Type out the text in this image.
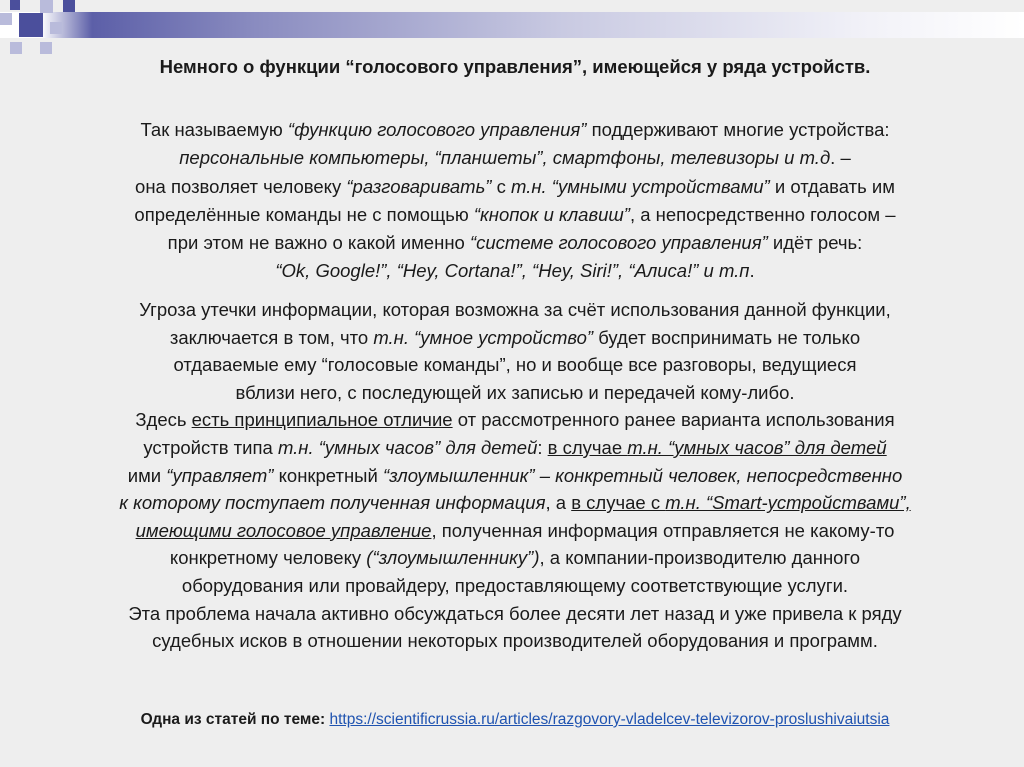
Немного о функции “голосового управления”, имеющейся у ряда устройств.
Так называемую “функцию голосового управления” поддерживают многие устройства:
персональные компьютеры, “планшеты”, смартфоны, телевизоры и т.д. –
она позволяет человеку “разговаривать” с т.н. “умными устройствами” и отдавать им
определённые команды не с помощью “кнопок и клавиш”, а непосредственно голосом –
при этом не важно о какой именно “системе голосового управления” идёт речь:
“Ok, Google!”, “Hey, Cortana!”, “Hey, Siri!”, “Алиса!” и т.п.
Угроза утечки информации, которая возможна за счёт использования данной функции,
заключается в том, что т.н. “умное устройство” будет воспринимать не только
отдаваемые ему “голосовые команды”, но и вообще все разговоры, ведущиеся
вблизи него, с последующей их записью и передачей кому-либо.
Здесь есть принципиальное отличие от рассмотренного ранее варианта использования
устройств типа т.н. “умных часов” для детей: в случае т.н. “умных часов” для детей
ими “управляет” конкретный “злоумышленник” – конкретный человек, непосредственно
к которому поступает полученная информация, а в случае с т.н. “Smart-устройствами”,
имеющими голосовое управление, полученная информация отправляется не какому-то
конкретному человеку (“злоумышленнику”), а компании-производителю данного
оборудования или провайдеру, предоставляющему соответствующие услуги.
Эта проблема начала активно обсуждаться более десяти лет назад и уже привела к ряду
судебных исков в отношении некоторых производителей оборудования и программ.
Одна из статей по теме: https://scientificrussia.ru/articles/razgovory-vladelcev-televizorov-proslushivaiutsia
